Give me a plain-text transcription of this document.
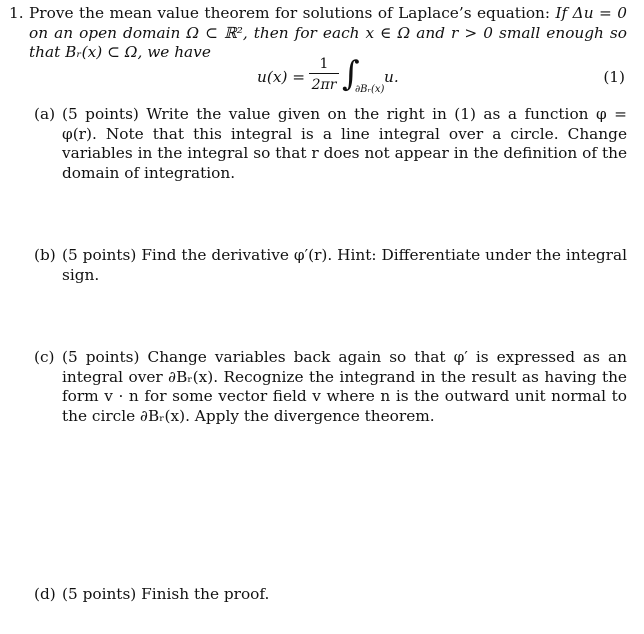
1. Prove the mean value theorem for solutions of Laplace’s equation: If Δu = 0 on an open domain Ω ⊂ ℝ², then for each x ∈ Ω and r > 0 small enough so that Bᵣ(x) ⊂ Ω, we have
$u(x) = \frac{1}{2\pi r}$ ∫
∂Bᵣ(x)
u.	(1)
(a) (5 points) Write the value given on the right in (1) as a function φ = φ(r). Note that this integral is a line integral over a circle. Change variables in the integral so that r does not appear in the definition of the domain of integration.
(b) (5 points) Find the derivative φ′(r). Hint: Differentiate under the integral sign.
(c) (5 points) Change variables back again so that φ′ is expressed as an integral over ∂Bᵣ(x). Recognize the integrand in the result as having the form v · n for some vector field v where n is the outward unit normal to the circle ∂Bᵣ(x). Apply the divergence theorem.
(d) (5 points) Finish the proof.
